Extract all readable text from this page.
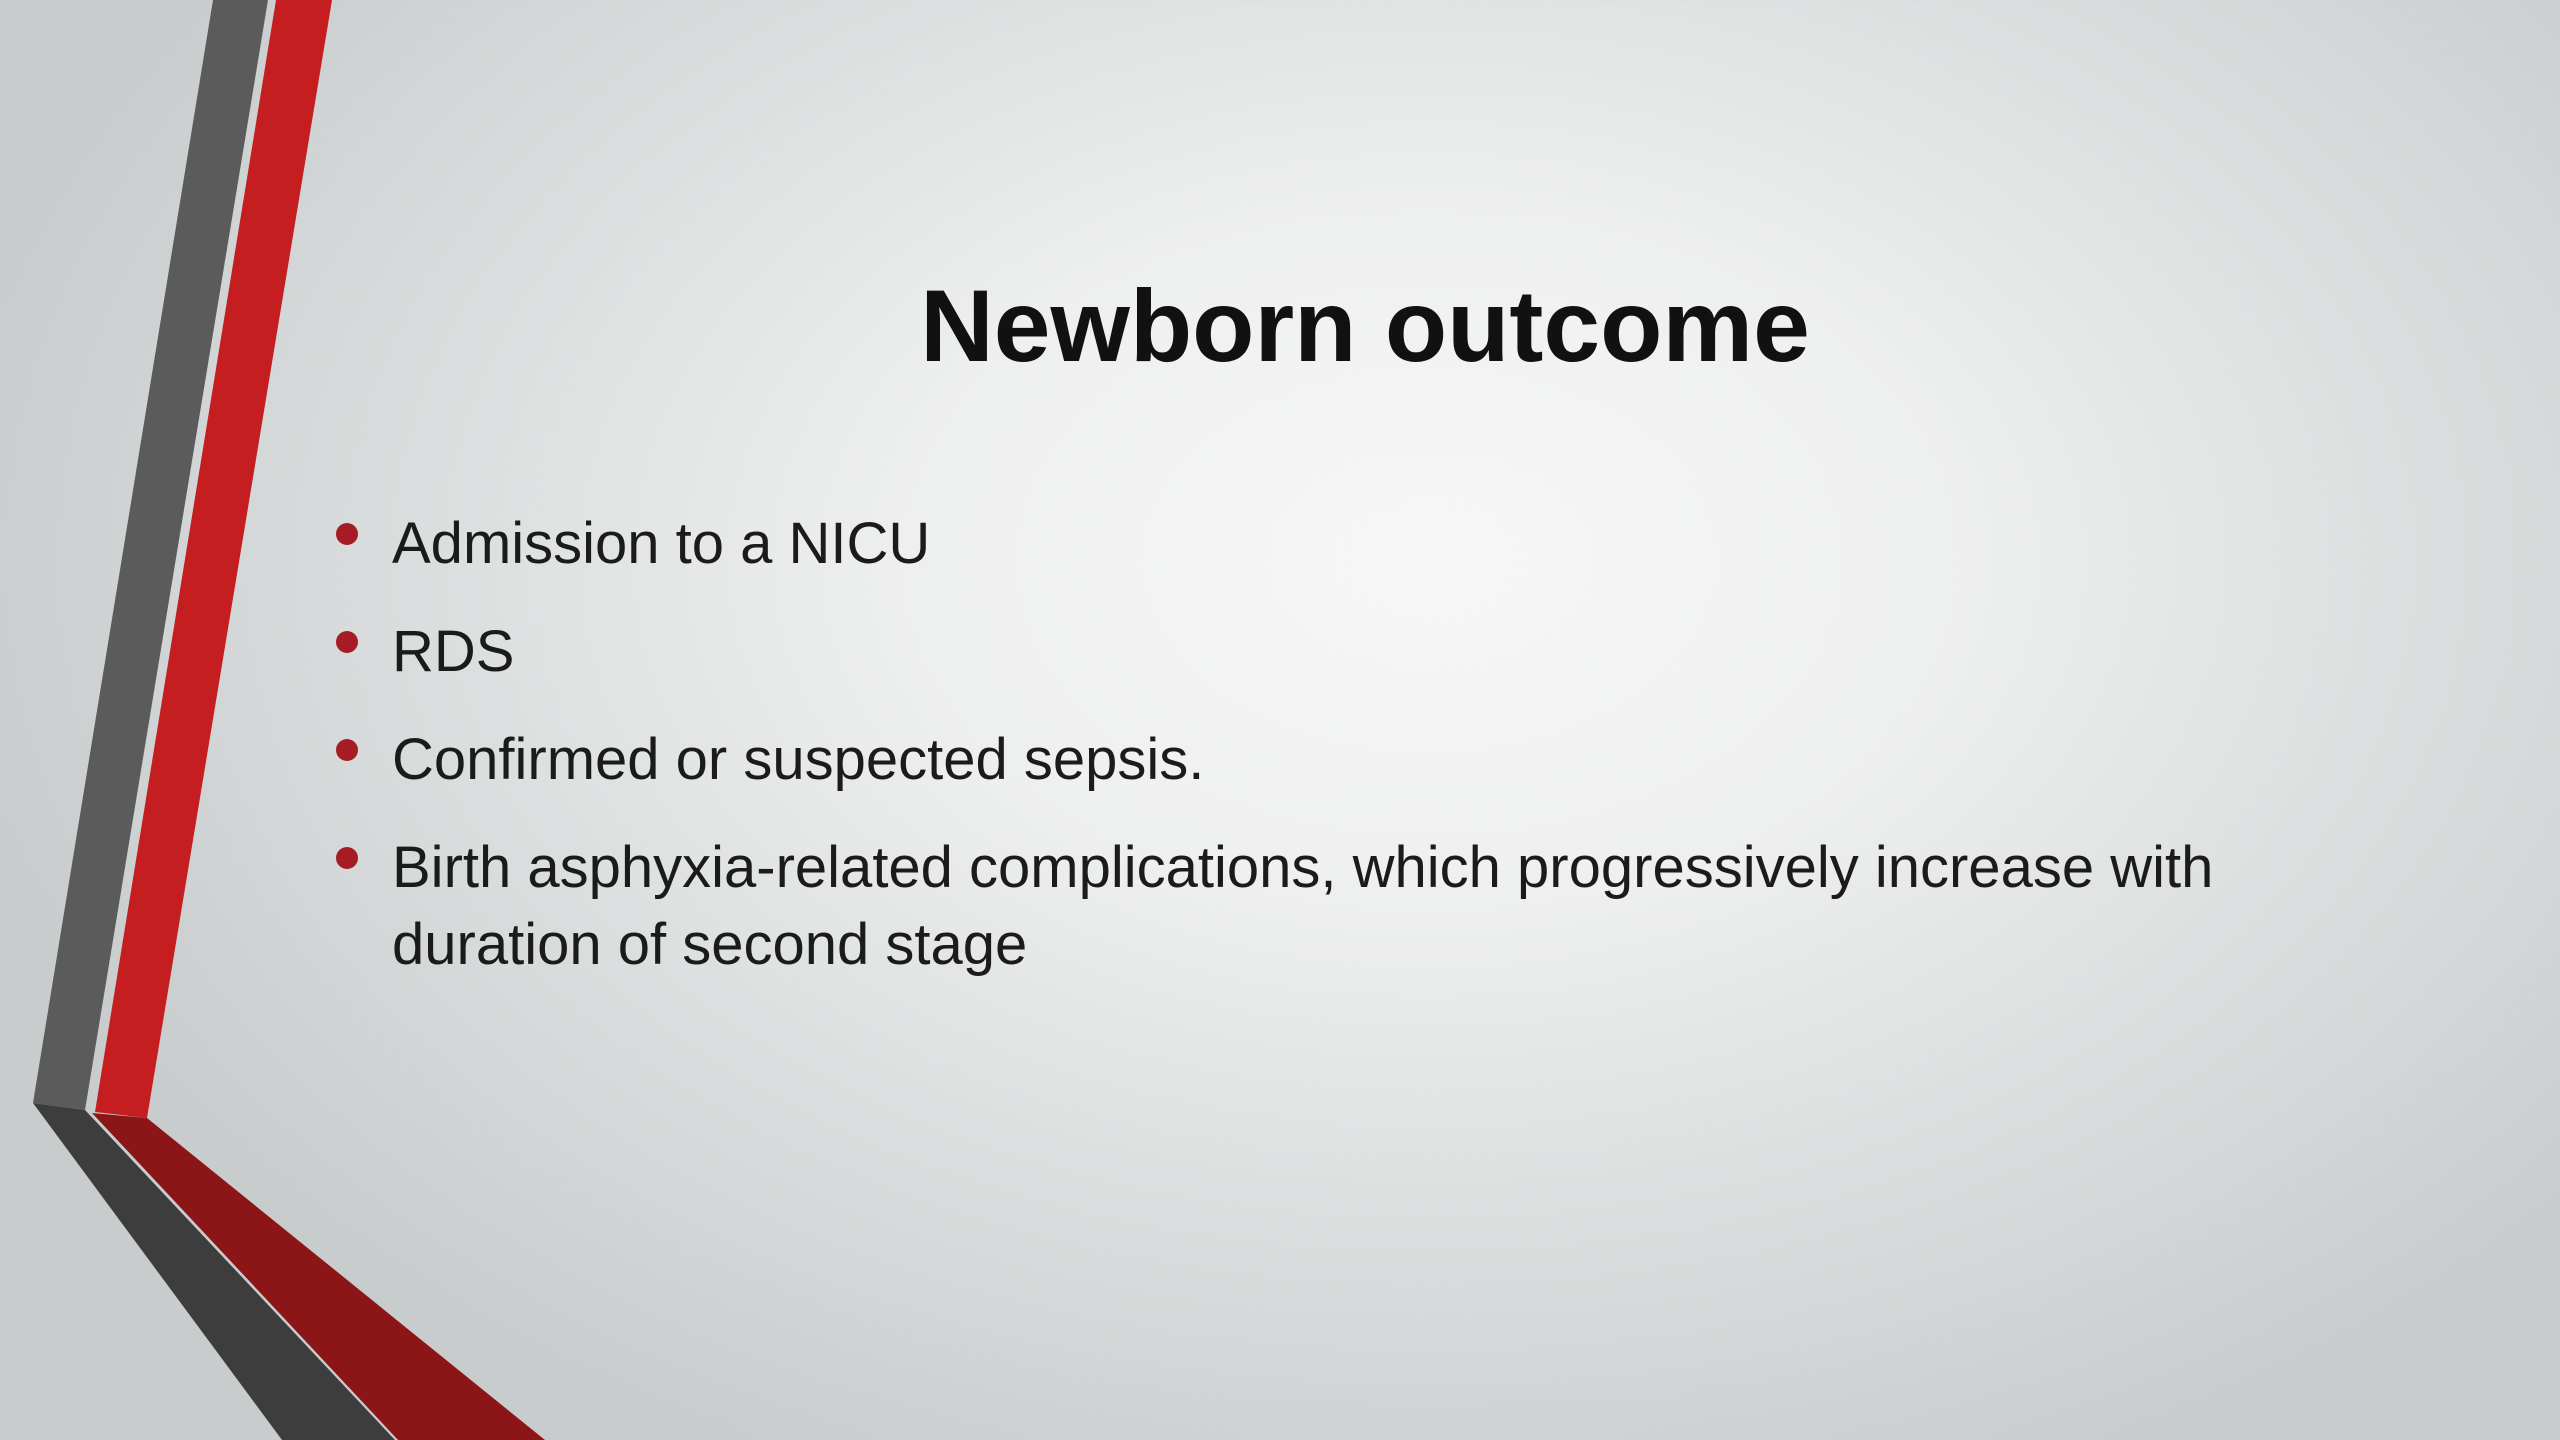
Newborn outcome
Admission to a NICU
RDS
Confirmed or suspected sepsis.
Birth asphyxia-related complications, which progressively increase with duration of second stage
